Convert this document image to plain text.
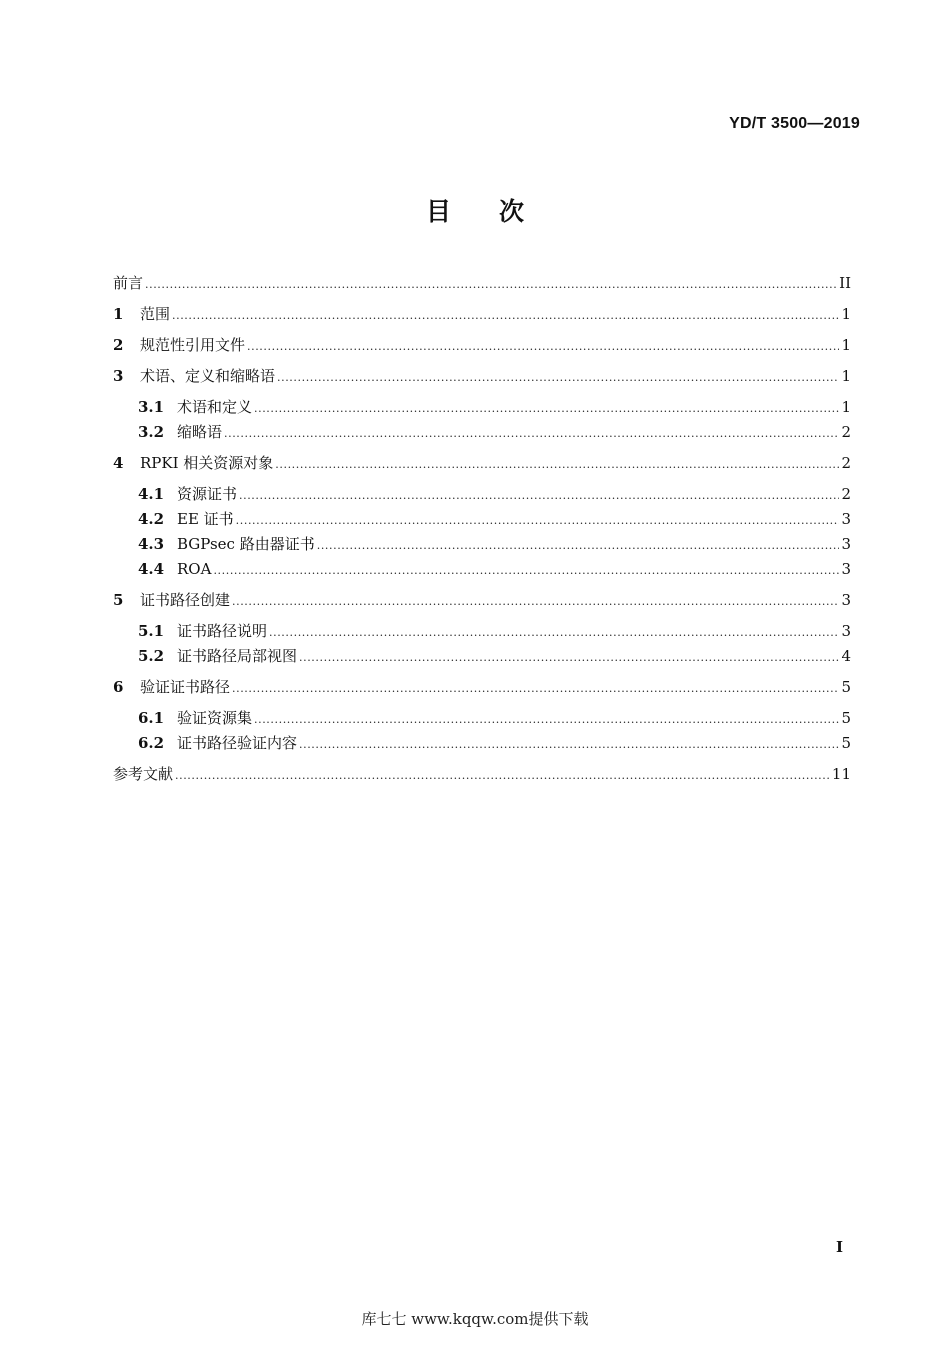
YD/T 3500—2019
目 次
前言 .....	II
1	范围 .....	1
2	规范性引用文件 .....	1
3	术语、定义和缩略语 .....	1
3.1 术语和定义 .....	1
3.2 缩略语 .....	2
4	RPKI 相关资源对象 .....	2
4.1 资源证书 .....	2
4.2 EE 证书 .....	3
4.3 BGPsec 路由器证书 .....	3
4.4 ROA .....	3
5	证书路径创建 .....	3
5.1 证书路径说明 .....	3
5.2 证书路径局部视图 .....	4
6	验证证书路径 .....	5
6.1 验证资源集 .....	5
6.2 证书路径验证内容 .....	5
参考文献 .....	11
I
库七七 www.kqqw.com提供下载
